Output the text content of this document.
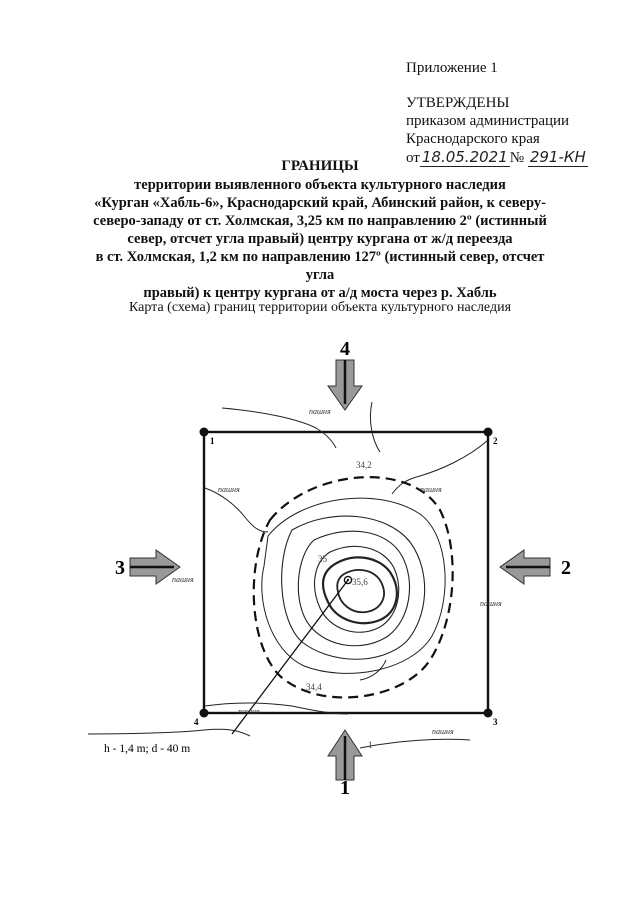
Приложение 1
УТВЕРЖДЕНЫ
приказом администрации
Краснодарского края
от 18.05.2021 № 291-КН
ГРАНИЦЫ
территории выявленного объекта культурного наследия
«Курган «Хабль-6», Краснодарский край, Абинский район, к северу-
северо-западу от ст. Холмская, 3,25 км по направлению 2º (истинный
север, отсчет угла правый) центру кургана от ж/д переезда
в ст. Холмская, 1,2 км по направлению 127º (истинный север, отсчет угла
правый) к центру кургана от а/д моста через р. Хабль
Карта (схема) границ территории объекта культурного наследия
1	2
3
4
пашня
пашня	пашня
пашня
пашня
пашня
пашня
34,2
35
35,6
34,4
1
4
1
3	2
h - 1,4 m; d - 40 m
